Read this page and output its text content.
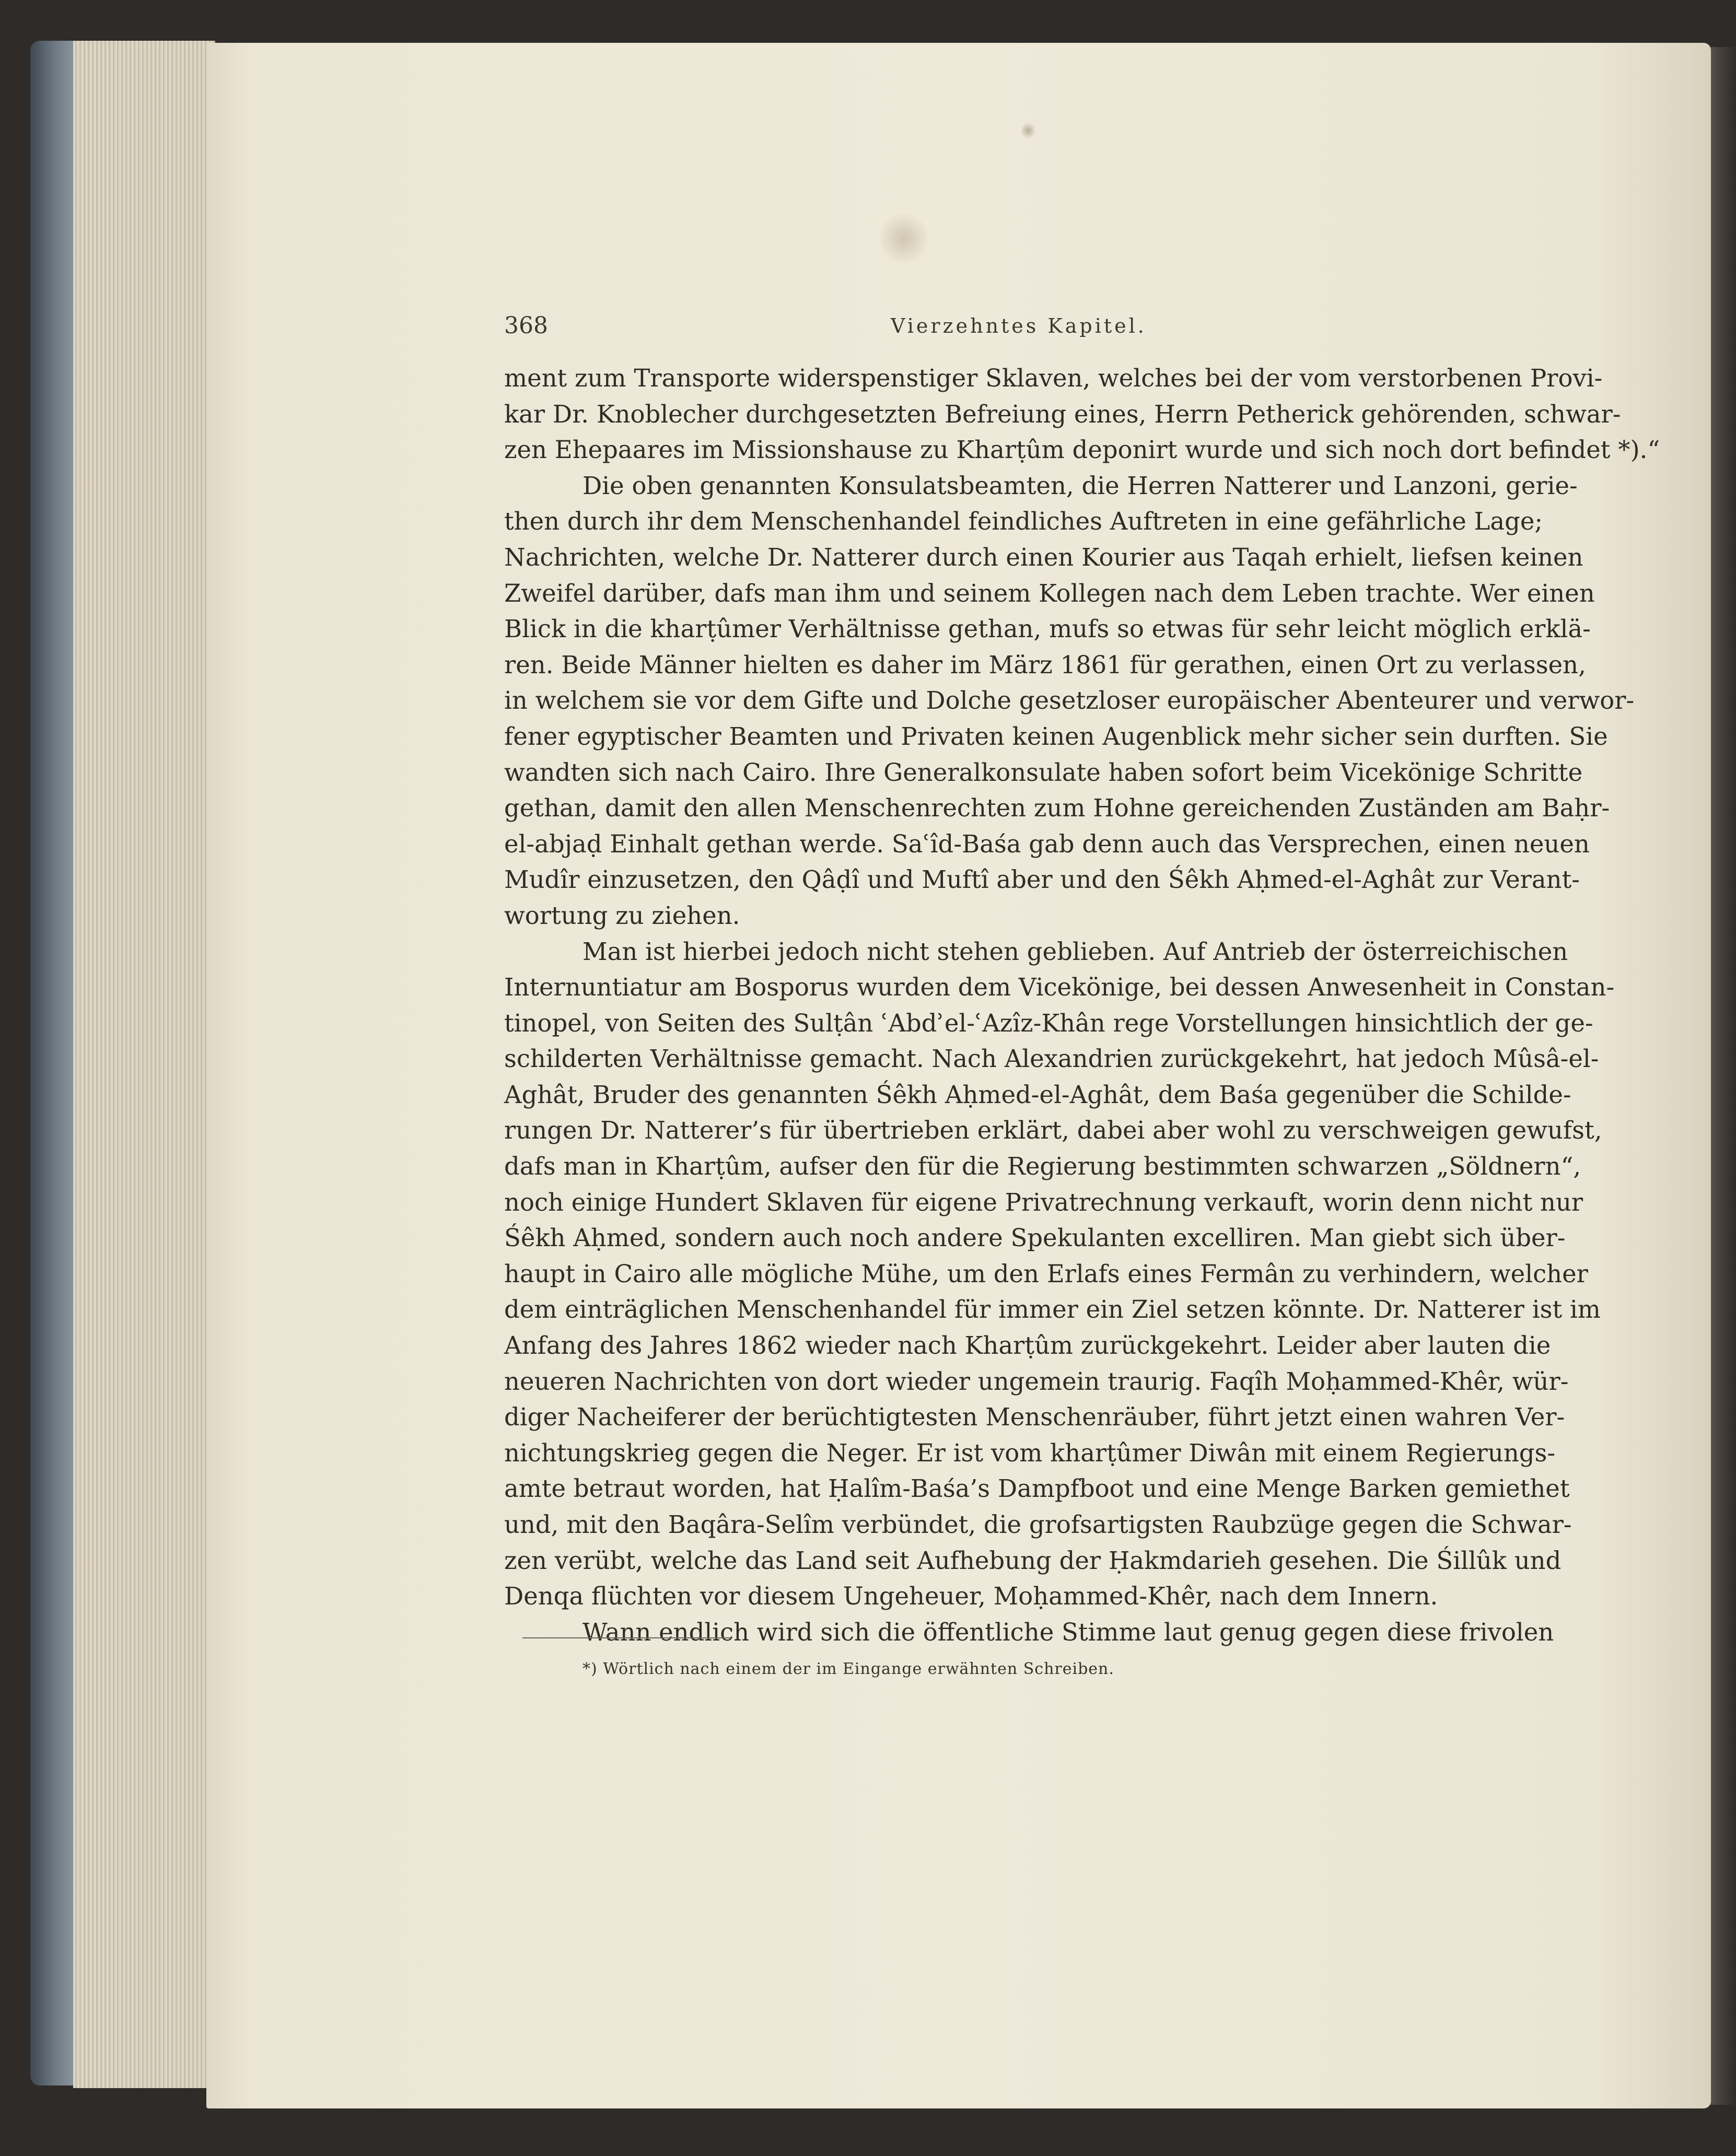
368	Vierzehntes Kapitel.
ment zum Transporte widerspenstiger Sklaven, welches bei der vom verstorbenen Provi-
kar Dr. Knoblecher durchgesetzten Befreiung eines, Herrn Petherick gehörenden, schwar-
zen Ehepaares im Missionshause zu Kharṭûm deponirt wurde und sich noch dort befindet *).“
Die oben genannten Konsulatsbeamten, die Herren Natterer und Lanzoni, gerie-
then durch ihr dem Menschenhandel feindliches Auftreten in eine gefährliche Lage;
Nachrichten, welche Dr. Natterer durch einen Kourier aus Taqah erhielt, liefsen keinen
Zweifel darüber, dafs man ihm und seinem Kollegen nach dem Leben trachte. Wer einen
Blick in die kharṭûmer Verhältnisse gethan, mufs so etwas für sehr leicht möglich erklä-
ren. Beide Männer hielten es daher im März 1861 für gerathen, einen Ort zu verlassen,
in welchem sie vor dem Gifte und Dolche gesetzloser europäischer Abenteurer und verwor-
fener egyptischer Beamten und Privaten keinen Augenblick mehr sicher sein durften. Sie
wandten sich nach Cairo. Ihre Generalkonsulate haben sofort beim Vicekönige Schritte
gethan, damit den allen Menschenrechten zum Hohne gereichenden Zuständen am Baḥr-
el-abjaḍ Einhalt gethan werde. Saʿîd-Baśa gab denn auch das Versprechen, einen neuen
Mudîr einzusetzen, den Qâḍî und Muftî aber und den Śêkh Aḥmed-el-Aghât zur Verant-
wortung zu ziehen.
Man ist hierbei jedoch nicht stehen geblieben. Auf Antrieb der österreichischen
Internuntiatur am Bosporus wurden dem Vicekönige, bei dessen Anwesenheit in Constan-
tinopel, von Seiten des Sulṭân ʿAbdʾel-ʿAzîz-Khân rege Vorstellungen hinsichtlich der ge-
schilderten Verhältnisse gemacht. Nach Alexandrien zurückgekehrt, hat jedoch Mûsâ-el-
Aghât, Bruder des genannten Śêkh Aḥmed-el-Aghât, dem Baśa gegenüber die Schilde-
rungen Dr. Natterer’s für übertrieben erklärt, dabei aber wohl zu verschweigen gewufst,
dafs man in Kharṭûm, aufser den für die Regierung bestimmten schwarzen „Söldnern“,
noch einige Hundert Sklaven für eigene Privatrechnung verkauft, worin denn nicht nur
Śêkh Aḥmed, sondern auch noch andere Spekulanten excelliren. Man giebt sich über-
haupt in Cairo alle mögliche Mühe, um den Erlafs eines Fermân zu verhindern, welcher
dem einträglichen Menschenhandel für immer ein Ziel setzen könnte. Dr. Natterer ist im
Anfang des Jahres 1862 wieder nach Kharṭûm zurückgekehrt. Leider aber lauten die
neueren Nachrichten von dort wieder ungemein traurig. Faqîh Moḥammed-Khêr, wür-
diger Nacheiferer der berüchtigtesten Menschenräuber, führt jetzt einen wahren Ver-
nichtungskrieg gegen die Neger. Er ist vom kharṭûmer Diwân mit einem Regierungs-
amte betraut worden, hat Ḥalîm-Baśa’s Dampfboot und eine Menge Barken gemiethet
und, mit den Baqâra-Selîm verbündet, die grofsartigsten Raubzüge gegen die Schwar-
zen verübt, welche das Land seit Aufhebung der Ḥakmdarieh gesehen. Die Śillûk und
Denqa flüchten vor diesem Ungeheuer, Moḥammed-Khêr, nach dem Innern.
Wann endlich wird sich die öffentliche Stimme laut genug gegen diese frivolen
*) Wörtlich nach einem der im Eingange erwähnten Schreiben.
